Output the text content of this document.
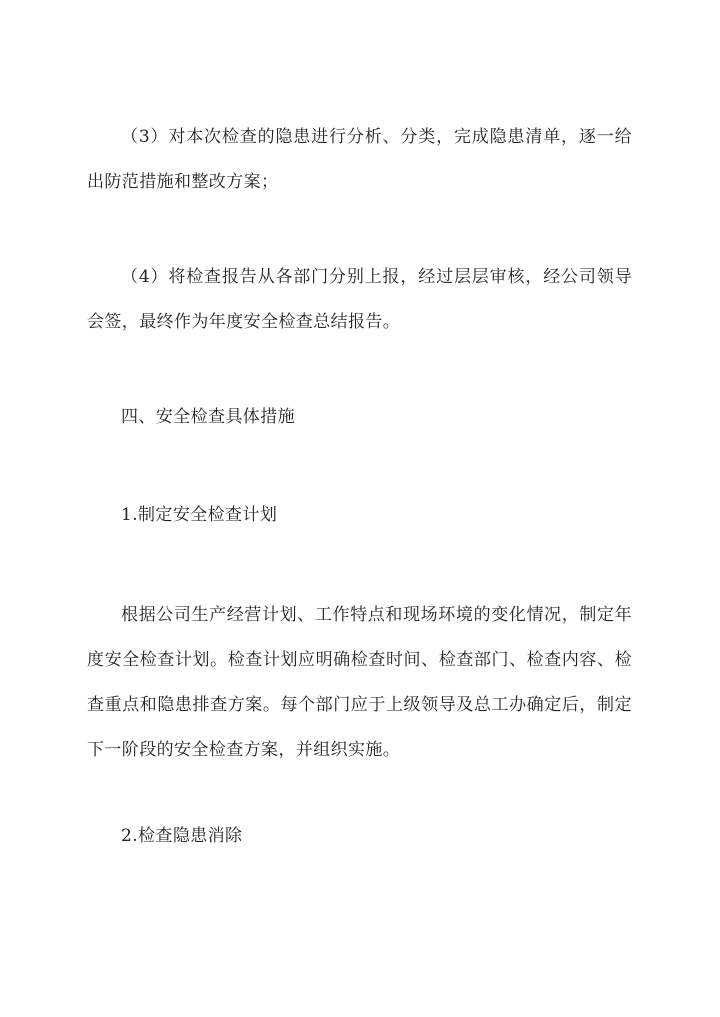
（3）对本次检查的隐患进行分析、分类，完成隐患清单，逐一给出防范措施和整改方案；

（4）将检查报告从各部门分别上报，经过层层审核，经公司领导会签，最终作为年度安全检查总结报告。

四、安全检查具体措施

1.制定安全检查计划

根据公司生产经营计划、工作特点和现场环境的变化情况，制定年度安全检查计划。检查计划应明确检查时间、检查部门、检查内容、检查重点和隐患排查方案。每个部门应于上级领导及总工办确定后，制定下一阶段的安全检查方案，并组织实施。

2.检查隐患消除
